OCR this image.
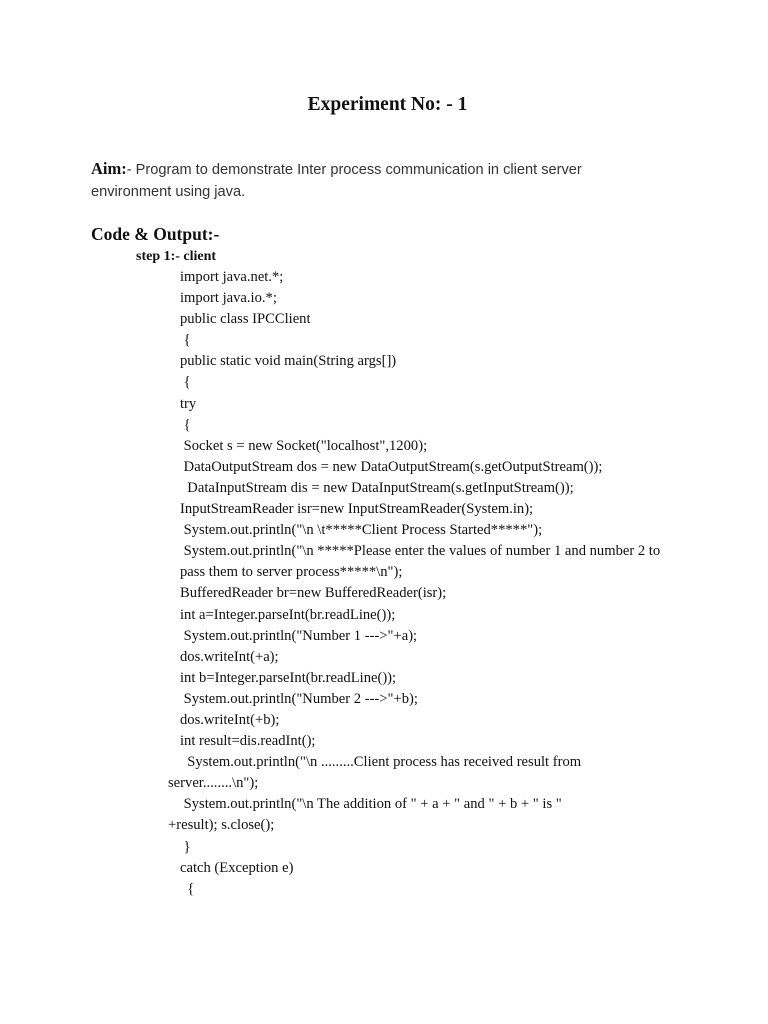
Experiment No: - 1
Aim:- Program to demonstrate Inter process communication in client server environment using java.
Code & Output:-
step 1:- client
import java.net.*;
import java.io.*;
public class IPCClient
{
public static void main(String args[])
{
try
{
Socket s = new Socket("localhost",1200);
DataOutputStream dos = new DataOutputStream(s.getOutputStream());
DataInputStream dis = new DataInputStream(s.getInputStream());
InputStreamReader isr=new InputStreamReader(System.in);
System.out.println("\n \t*****Client Process Started*****");
System.out.println("\n *****Please enter the values of number 1 and number 2 to
pass them to server process*****\n");
BufferedReader br=new BufferedReader(isr);
int a=Integer.parseInt(br.readLine());
System.out.println("Number 1 --->"+a);
dos.writeInt(+a);
int b=Integer.parseInt(br.readLine());
System.out.println("Number 2 --->"+b);
dos.writeInt(+b);
int result=dis.readInt();
System.out.println("\n .........Client process has received result from
server........\n");
System.out.println("\n The addition of " + a + " and " + b + " is "
+result); s.close();
}
catch (Exception e)
{
